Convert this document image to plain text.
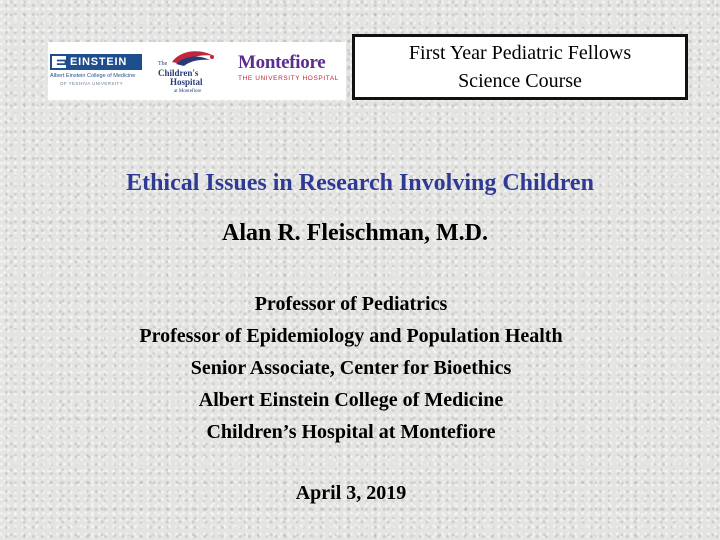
EINSTEIN
Albert Einstein College of Medicine
OF YESHIVA UNIVERSITY
The
Children's
Hospital
at Montefiore
Montefiore
THE UNIVERSITY HOSPITAL
First Year Pediatric Fellows
Science Course
Ethical Issues in Research Involving Children
Alan R. Fleischman, M.D.
Professor of Pediatrics
Professor of Epidemiology and Population Health
Senior Associate, Center for Bioethics
Albert Einstein College of Medicine
Children’s Hospital at Montefiore
April 3, 2019
